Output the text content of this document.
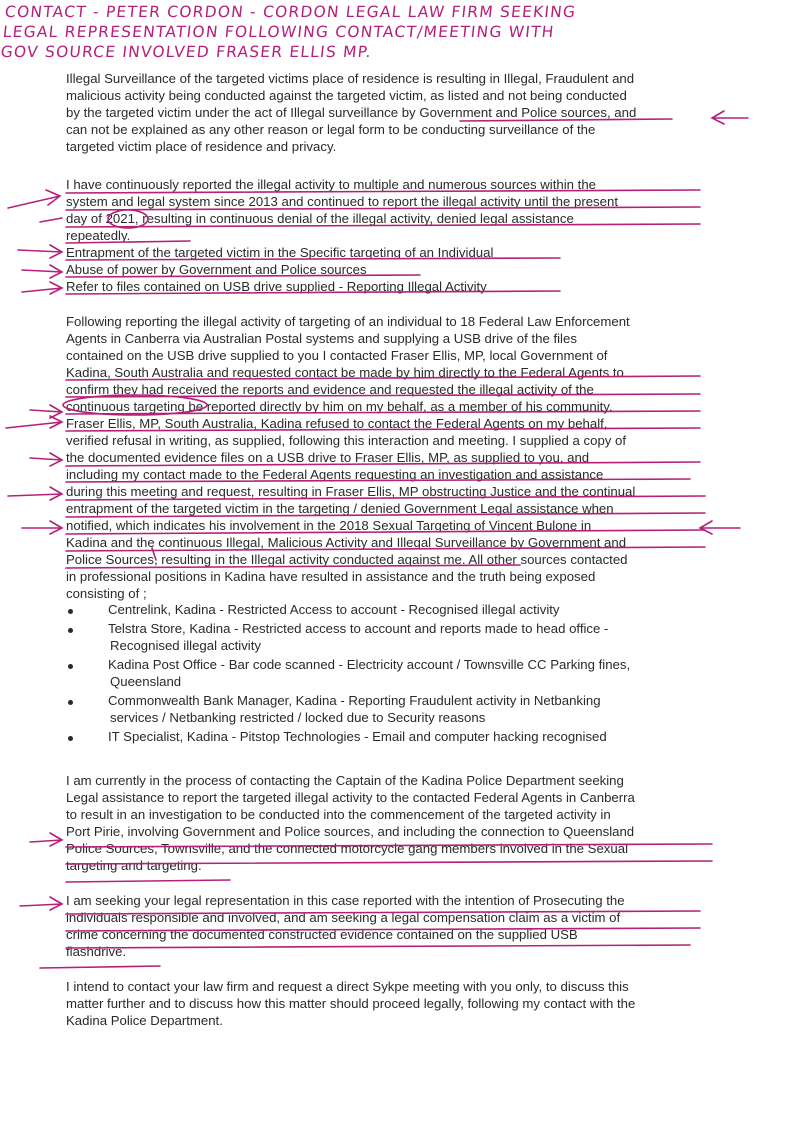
CONTACT - PETER CORDON - CORDON LEGAL LAW FIRM SEEKING
LEGAL REPRESENTATION FOLLOWING CONTACT/MEETING WITH
GOV SOURCE INVOLVED FRASER ELLIS MP.
Illegal Surveillance of the targeted victims place of residence is resulting in Illegal, Fraudulent and
malicious activity being conducted against the targeted victim, as listed and not being conducted
by the targeted victim under the act of Illegal surveillance by Government and Police sources, and
can not be explained as any other reason or legal form to be conducting surveillance of the
targeted victim place of residence and privacy.
I have continuously reported the illegal activity to multiple and numerous sources within the
system and legal system since 2013 and continued to report the illegal activity until the present
day of 2021, resulting in continuous denial of the illegal activity, denied legal assistance
repeatedly.
Entrapment of the targeted victim in the Specific targeting of an Individual
Abuse of power by Government and Police sources
Refer to files contained on USB drive supplied - Reporting Illegal Activity
Following reporting the illegal activity of targeting of an individual to 18 Federal Law Enforcement
Agents in Canberra via Australian Postal systems and supplying a USB drive of the files
contained on the USB drive supplied to you I contacted Fraser Ellis, MP, local Government of
Kadina, South Australia and requested contact be made by him directly to the Federal Agents to
confirm they had received the reports and evidence and requested the illegal activity of the
continuous targeting be reported directly by him on my behalf, as a member of his community.
Fraser Ellis, MP, South Australia, Kadina refused to contact the Federal Agents on my behalf,
verified refusal in writing, as supplied, following this interaction and meeting. I supplied a copy of
the documented evidence files on a USB drive to Fraser Ellis, MP, as supplied to you, and
including my contact made to the Federal Agents requesting an investigation and assistance
during this meeting and request, resulting in Fraser Ellis, MP obstructing Justice and the continual
entrapment of the targeted victim in the targeting / denied Government Legal assistance when
notified, which indicates his involvement in the 2018 Sexual Targeting of Vincent Bulone in
Kadina and the continuous Illegal, Malicious Activity and Illegal Surveillance by Government and
Police Sources, resulting in the Illegal activity conducted against me. All other sources contacted
in professional positions in Kadina have resulted in assistance and the truth being exposed
consisting of ;
Centrelink, Kadina - Restricted Access to account - Recognised illegal activity
Telstra Store, Kadina - Restricted access to account and reports made to head office -
Recognised illegal activity
Kadina Post Office - Bar code scanned - Electricity account / Townsville CC Parking fines,
Queensland
Commonwealth Bank Manager, Kadina - Reporting Fraudulent activity in Netbanking
services / Netbanking restricted / locked due to Security reasons
IT Specialist, Kadina - Pitstop Technologies - Email and computer hacking recognised
I am currently in the process of contacting the Captain of the Kadina Police Department seeking
Legal assistance to report the targeted illegal activity to the contacted Federal Agents in Canberra
to result in an investigation to be conducted into the commencement of the targeted activity in
Port Pirie, involving Government and Police sources, and including the connection to Queensland
Police Sources, Townsville, and the connected motorcycle gang members involved in the Sexual
targeting and targeting.
I am seeking your legal representation in this case reported with the intention of Prosecuting the
individuals responsible and involved, and am seeking a legal compensation claim as a victim of
crime concerning the documented constructed evidence contained on the supplied USB
flashdrive.
I intend to contact your law firm and request a direct Sykpe meeting with you only, to discuss this
matter further and to discuss how this matter should proceed legally, following my contact with the
Kadina Police Department.
